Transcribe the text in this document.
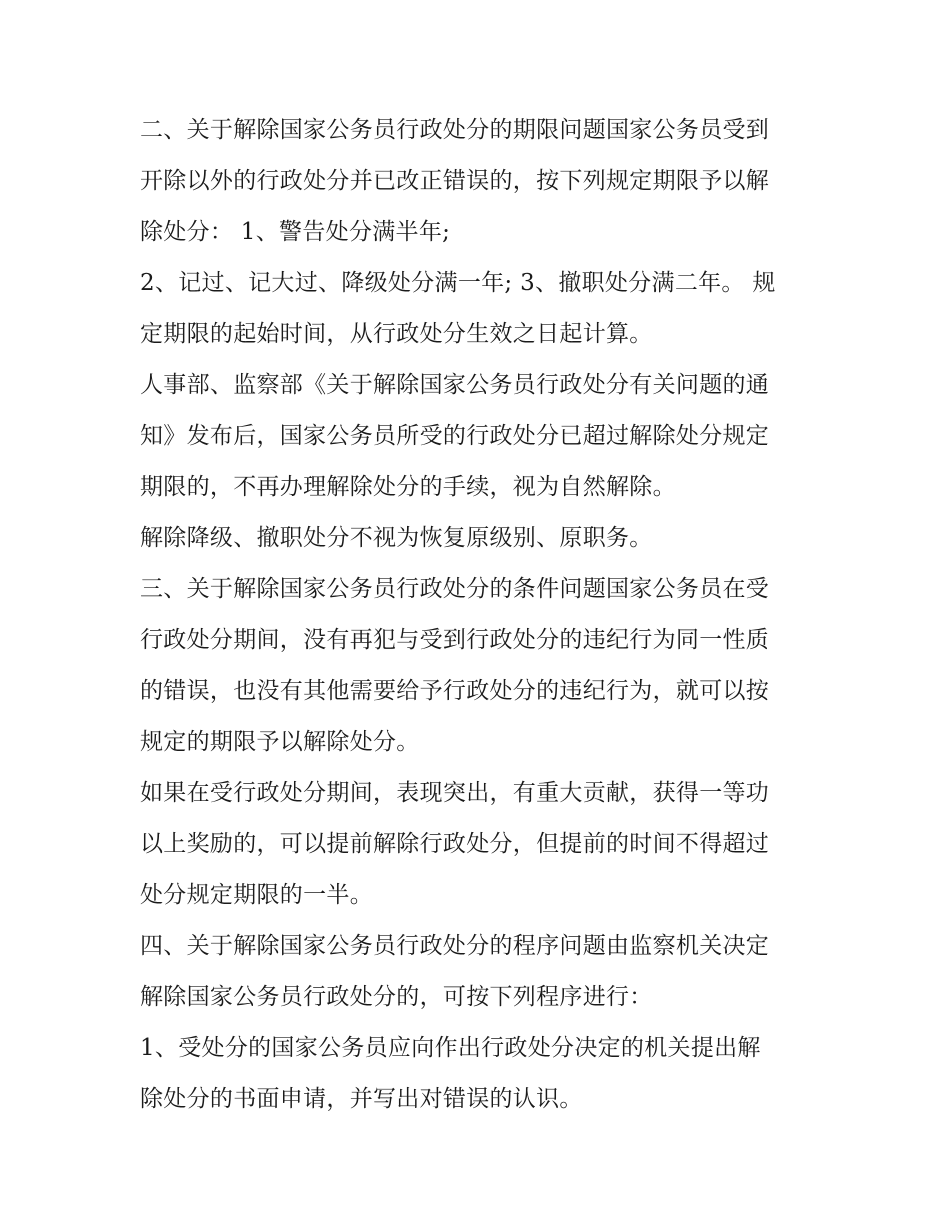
二、关于解除国家公务员行政处分的期限问题国家公务员受到
开除以外的行政处分并已改正错误的，按下列规定期限予以解
除处分： 1、警告处分满半年;
2、记过、记大过、降级处分满一年; 3、撤职处分满二年。 规
定期限的起始时间，从行政处分生效之日起计算。
人事部、监察部《关于解除国家公务员行政处分有关问题的通
知》发布后，国家公务员所受的行政处分已超过解除处分规定
期限的，不再办理解除处分的手续，视为自然解除。
解除降级、撤职处分不视为恢复原级别、原职务。
三、关于解除国家公务员行政处分的条件问题国家公务员在受
行政处分期间，没有再犯与受到行政处分的违纪行为同一性质
的错误，也没有其他需要给予行政处分的违纪行为，就可以按
规定的期限予以解除处分。
如果在受行政处分期间，表现突出，有重大贡献，获得一等功
以上奖励的，可以提前解除行政处分，但提前的时间不得超过
处分规定期限的一半。
四、关于解除国家公务员行政处分的程序问题由监察机关决定
解除国家公务员行政处分的，可按下列程序进行：
1、受处分的国家公务员应向作出行政处分决定的机关提出解
除处分的书面申请，并写出对错误的认识。
